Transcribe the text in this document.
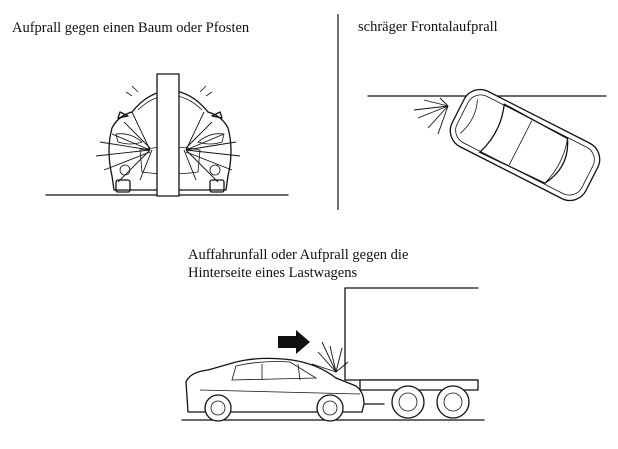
Aufprall gegen einen Baum oder Pfosten	schräger Frontalaufprall
Auffahrunfall oder Aufprall gegen die
Hinterseite eines Lastwagens
